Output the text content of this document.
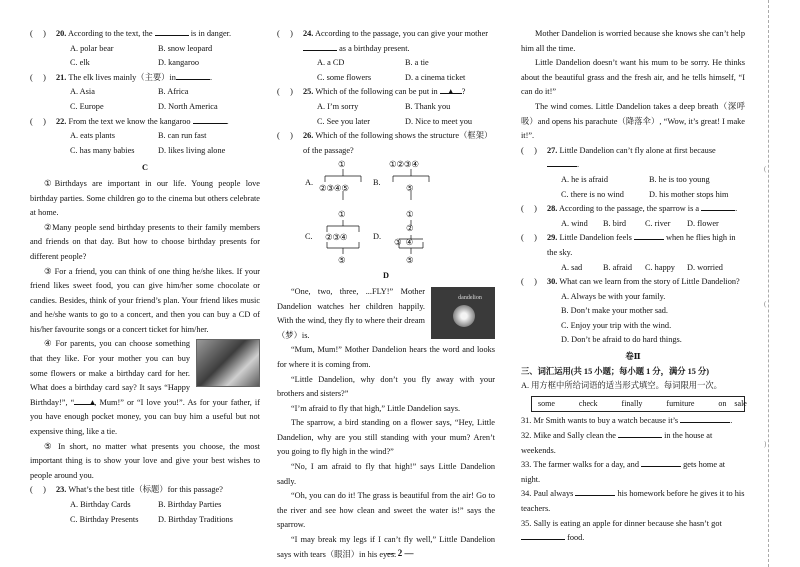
(     )	20. According to the text, the	is in danger.
A. polar bear	B. snow leopard
C. elk	D. kangaroo
(     )	21. The elk lives mainly（主要）in	.
A. Asia	B. Africa
C. Europe	D. North America
(     )	22. From the text we know the kangaroo	.
A. eats plants	B. can run fast
C. has many babies	D. likes living alone
C

①Birthdays are important in our life. Young people love birthday parties. Some children go to the cinema but others celebrate at home.

②Many people send birthday presents to their family members and friends on that day. But how to choose birthday presents for different people?

③ For a friend, you can think of one thing he/she likes. If your friend likes sweet food, you can give him/her some chocolate or candies. Besides, think of your friend’s plan. Your friend likes music and he/she wants to go to a concert, and then you can buy a CD of his/her favourite songs or a concert ticket for him/her.

④ For parents, you can choose something that they like. For your mother you can buy some flowers or make a birthday card for her. What does a birthday card say? It says “Happy Birthday!”, “ ▲, Mum!” or “I love you!”. As for your father, if you have enough pocket money, you can buy him a useful but not expensive thing, like a tie.

⑤ In short, no matter what presents you choose, the most important thing is to show your love and give your best wishes to people around you.

(     )	23. What’s the best title（标题）for this passage?
A. Birthday Cards	B. Birthday Parties
C. Birthday Presents	D. Birthday Traditions
(     )	24. According to the passage, you can give your mother
as a birthday present.
A. a CD	B. a tie
C. some flowers	D. a cinema ticket
(     )	25. Which of the following can be put in ▲ ?
A. I’m sorry	B. Thank you
C. See you later	D. Nice to meet you
(     )	26. Which of the following shows the structure（框架）of the passage?
A.
①
②③④⑤
B.
①②③④
⑤
C.
①
②③④
⑤
D.
①
②
③  ④
⑤
D

dandelion
“One, two, three, ...FLY!” Mother Dandelion watches her children happily. With the wind, they fly to where their dream（梦）is.

“Mum, Mum!” Mother Dandelion hears the word and looks for where it is coming from.

“Little Dandelion, why don’t you fly away with your brothers and sisters?”

“I’m afraid to fly that high,” Little Dandelion says.

The sparrow, a bird standing on a flower says, “Hey, Little Dandelion, why are you still standing with your mum? Aren’t you going to fly high in the wind?”

“No, I am afraid to fly that high!” says Little Dandelion sadly.

“Oh, you can do it! The grass is beautiful from the air! Go to the river and see how clean and sweet the water is!” says the sparrow.

“I may break my legs if I can’t fly well,” Little Dandelion says with tears（眼泪）in his eyes.

Mother Dandelion is worried because she knows she can’t help him all the time.

Little Dandelion doesn’t want his mum to be sorry. He thinks about the beautiful grass and the fresh air, and he tells himself, “I can do it!”

The wind comes. Little Dandelion takes a deep breath（深呼吸）and opens his parachute（降落伞）, “Wow, it’s great! I make it!”.

(     )	27. Little Dandelion can’t fly alone at first because .
A. he is afraid	B. he is too young
C. there is no wind	D. his mother stops him
(     )	28. According to the passage, the sparrow is a	.
A. wind	B. bird	C. river	D. flower
(     )	29. Little Dandelion feels	when he flies high in the sky.
A. sad	B. afraid	C. happy	D. worried
(     )	30. What can we learn from the story of Little Dandelion?
A. Always be with your family.
B. Don’t make your mother sad.
C. Enjoy your trip with the wind.
D. Don’t be afraid to do hard things.
卷Ⅱ
三、词汇运用(共 15 小题；每小题 1 分，满分 15 分)
A. 用方框中所给词语的适当形式填空。每词限用一次。
some   check   finally   furniture   on sale
31. Mr Smith wants to buy a watch because it’s	.
32. Mike and Sally clean the	in the house at weekends.
33. The farmer walks for a day, and	gets home at night.
34. Paul always	his homework before he gives it to his teachers.
35. Sally is eating an apple for dinner because she hasn’t got  food.
(
(
)
— 2 —
